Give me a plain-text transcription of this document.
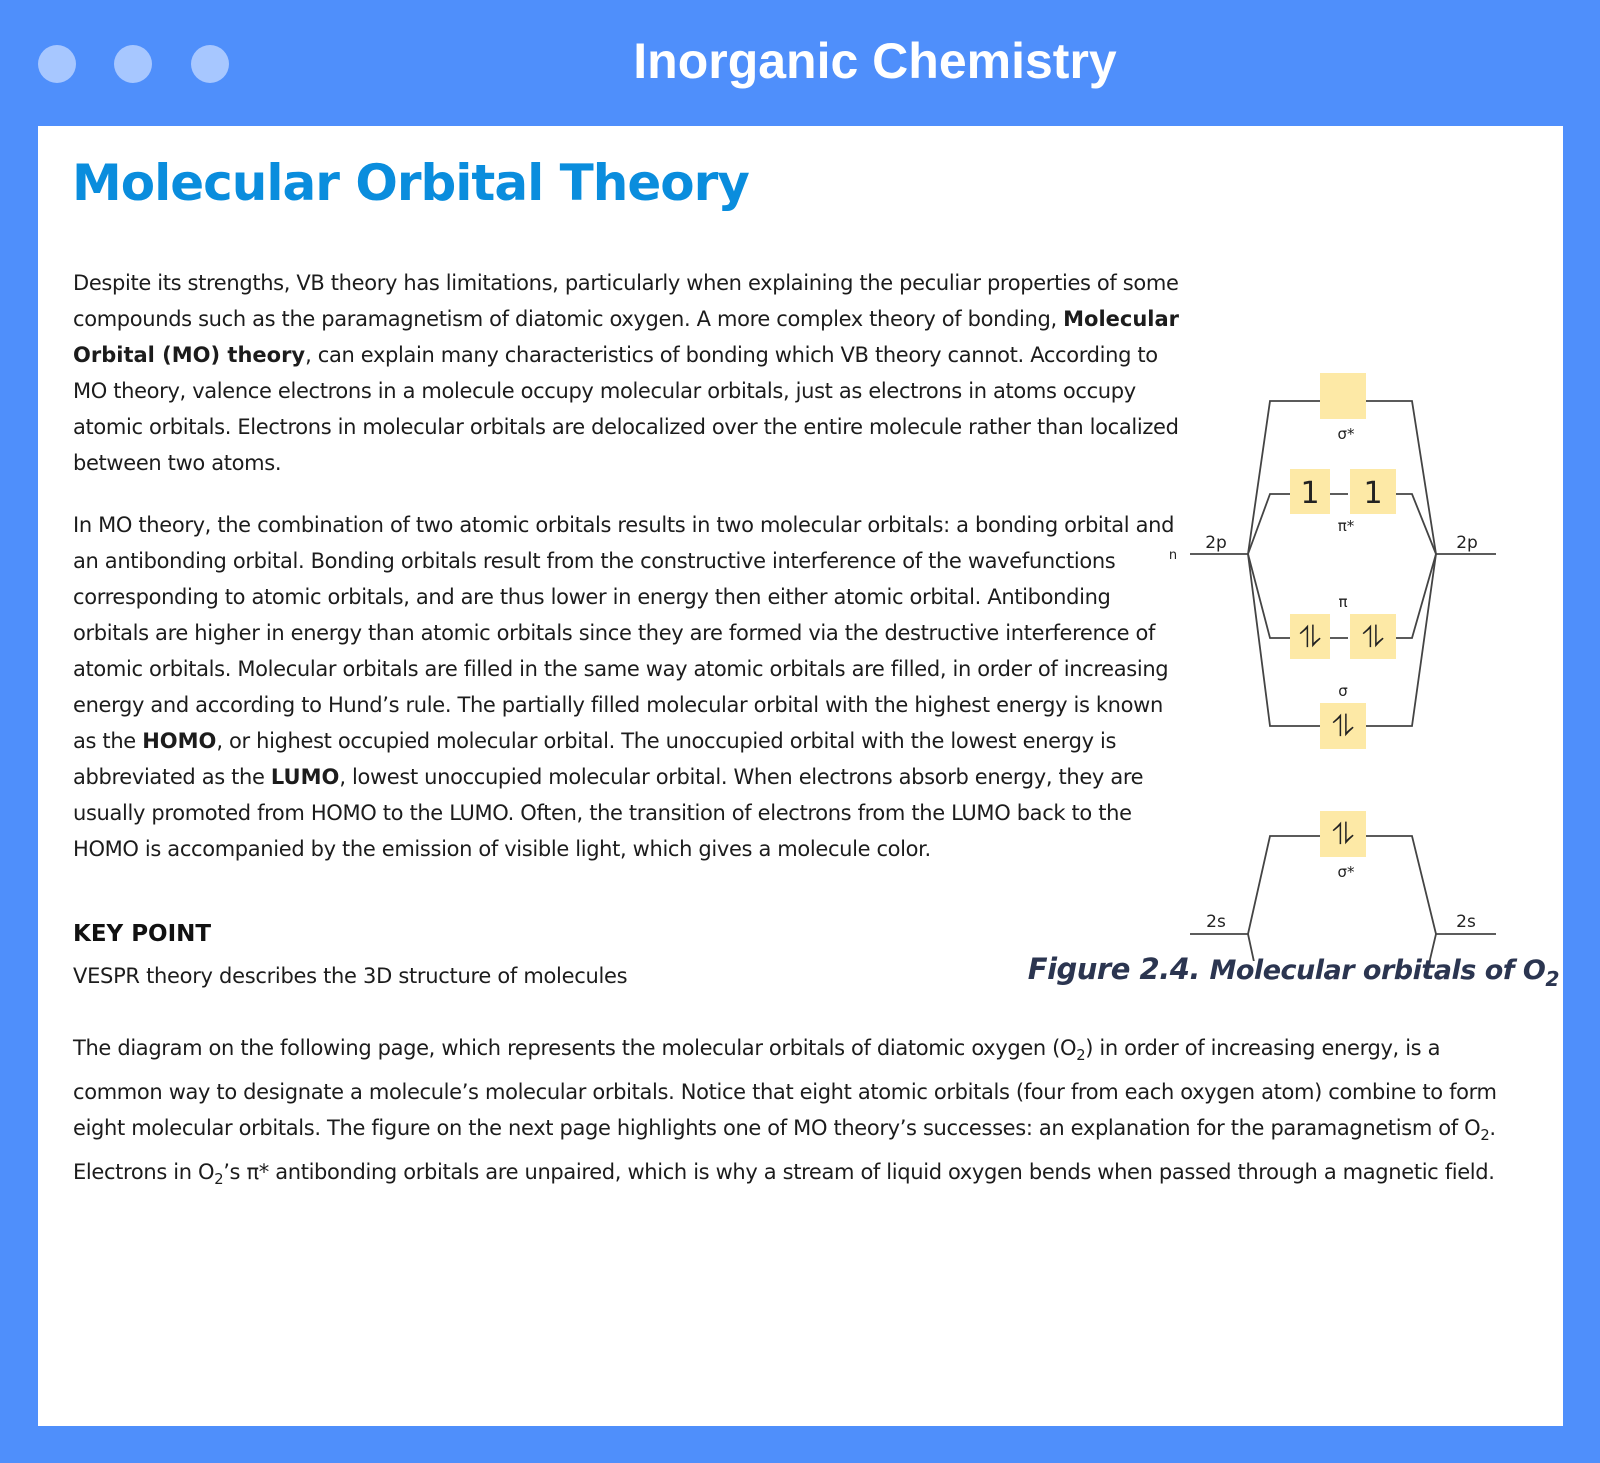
Inorganic Chemistry
Molecular Orbital Theory

Despite its strengths, VB theory has limitations, particularly when explaining the peculiar properties of some compounds such as the paramagnetism of diatomic oxygen. A more complex theory of bonding, Molecular Orbital (MO) theory, can explain many characteristics of bonding which VB theory cannot. According to MO theory, valence electrons in a molecule occupy molecular orbitals, just as electrons in atoms occupy atomic orbitals. Electrons in molecular orbitals are delocalized over the entire molecule rather than localized between two atoms.

In MO theory, the combination of two atomic orbitals results in two molecular orbitals: a bonding orbital and an antibonding orbital. Bonding orbitals result from the constructive interference of the wavefunctions corresponding to atomic orbitals, and are thus lower in energy then either atomic orbital. Antibonding orbitals are higher in energy than atomic orbitals since they are formed via the destructive interference of atomic orbitals. Molecular orbitals are filled in the same way atomic orbitals are filled, in order of increasing energy and according to Hund’s rule. The partially filled molecular orbital with the highest energy is known as the HOMO, or highest occupied molecular orbital. The unoccupied orbital with the lowest energy is abbreviated as the LUMO, lowest unoccupied molecular orbital. When electrons absorb energy, they are usually promoted from HOMO to the LUMO. Often, the transition of electrons from the LUMO back to the HOMO is accompanied by the emission of visible light, which gives a molecule color.

KEY POINT

VESPR theory describes the 3D structure of molecules

The diagram on the following page, which represents the molecular orbitals of diatomic oxygen $(O_2)$ in order of increasing energy, is a common way to designate a molecule’s molecular orbitals. Notice that eight atomic orbitals (four from each oxygen atom) combine to form eight molecular orbitals. The figure on the next page highlights one of MO theory’s successes: an explanation for the paramagnetism of $O_2$. Electrons in $O_2’s$ π* antibonding orbitals are unpaired, which is why a stream of liquid oxygen bends when passed through a magnetic field.

1 1
⥮ ⥮
⥮
⥮
n
2p	2p
σ*
π*
π
σ
2s	2s
σ*

Figure 2.4. Molecular orbitals of $O_2$
